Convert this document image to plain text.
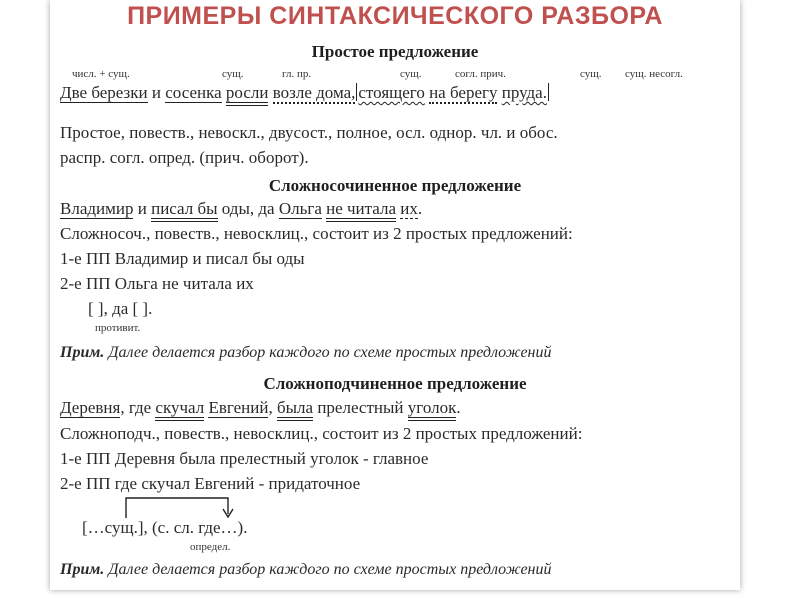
ПРИМЕРЫ СИНТАКСИЧЕСКОГО РАЗБОРА
Простое предложение
числ. + сущ.	сущ.	гл. пр.	сущ.	согл. прич.	сущ. сущ. несогл.
Две березки и сосенка росли возле дома, стоящего на берегу пруда.
Простое, повеств., невоскл., двусост., полное, осл. однор. чл. и обос.
распр. согл. опред. (прич. оборот).
Сложносочиненное предложение
Владимир и писал бы оды, да Ольга не читала их.
Сложносоч., повеств., невосклиц., состоит из 2 простых предложений:
1-е ПП Владимир и писал бы оды
2-е ПП Ольга не читала их
[ ], да [ ].
противит.
Прим. Далее делается разбор каждого по схеме простых предложений
Сложноподчиненное предложение
Деревня, где скучал Евгений, была прелестный уголок.
Сложноподч., повеств., невосклиц., состоит из 2 простых предложений:
1-е ПП Деревня была прелестный уголок - главное
2-е ПП где скучал Евгений - придаточное
[…сущ.], (с. сл. где…).
определ.
Прим. Далее делается разбор каждого по схеме простых предложений
